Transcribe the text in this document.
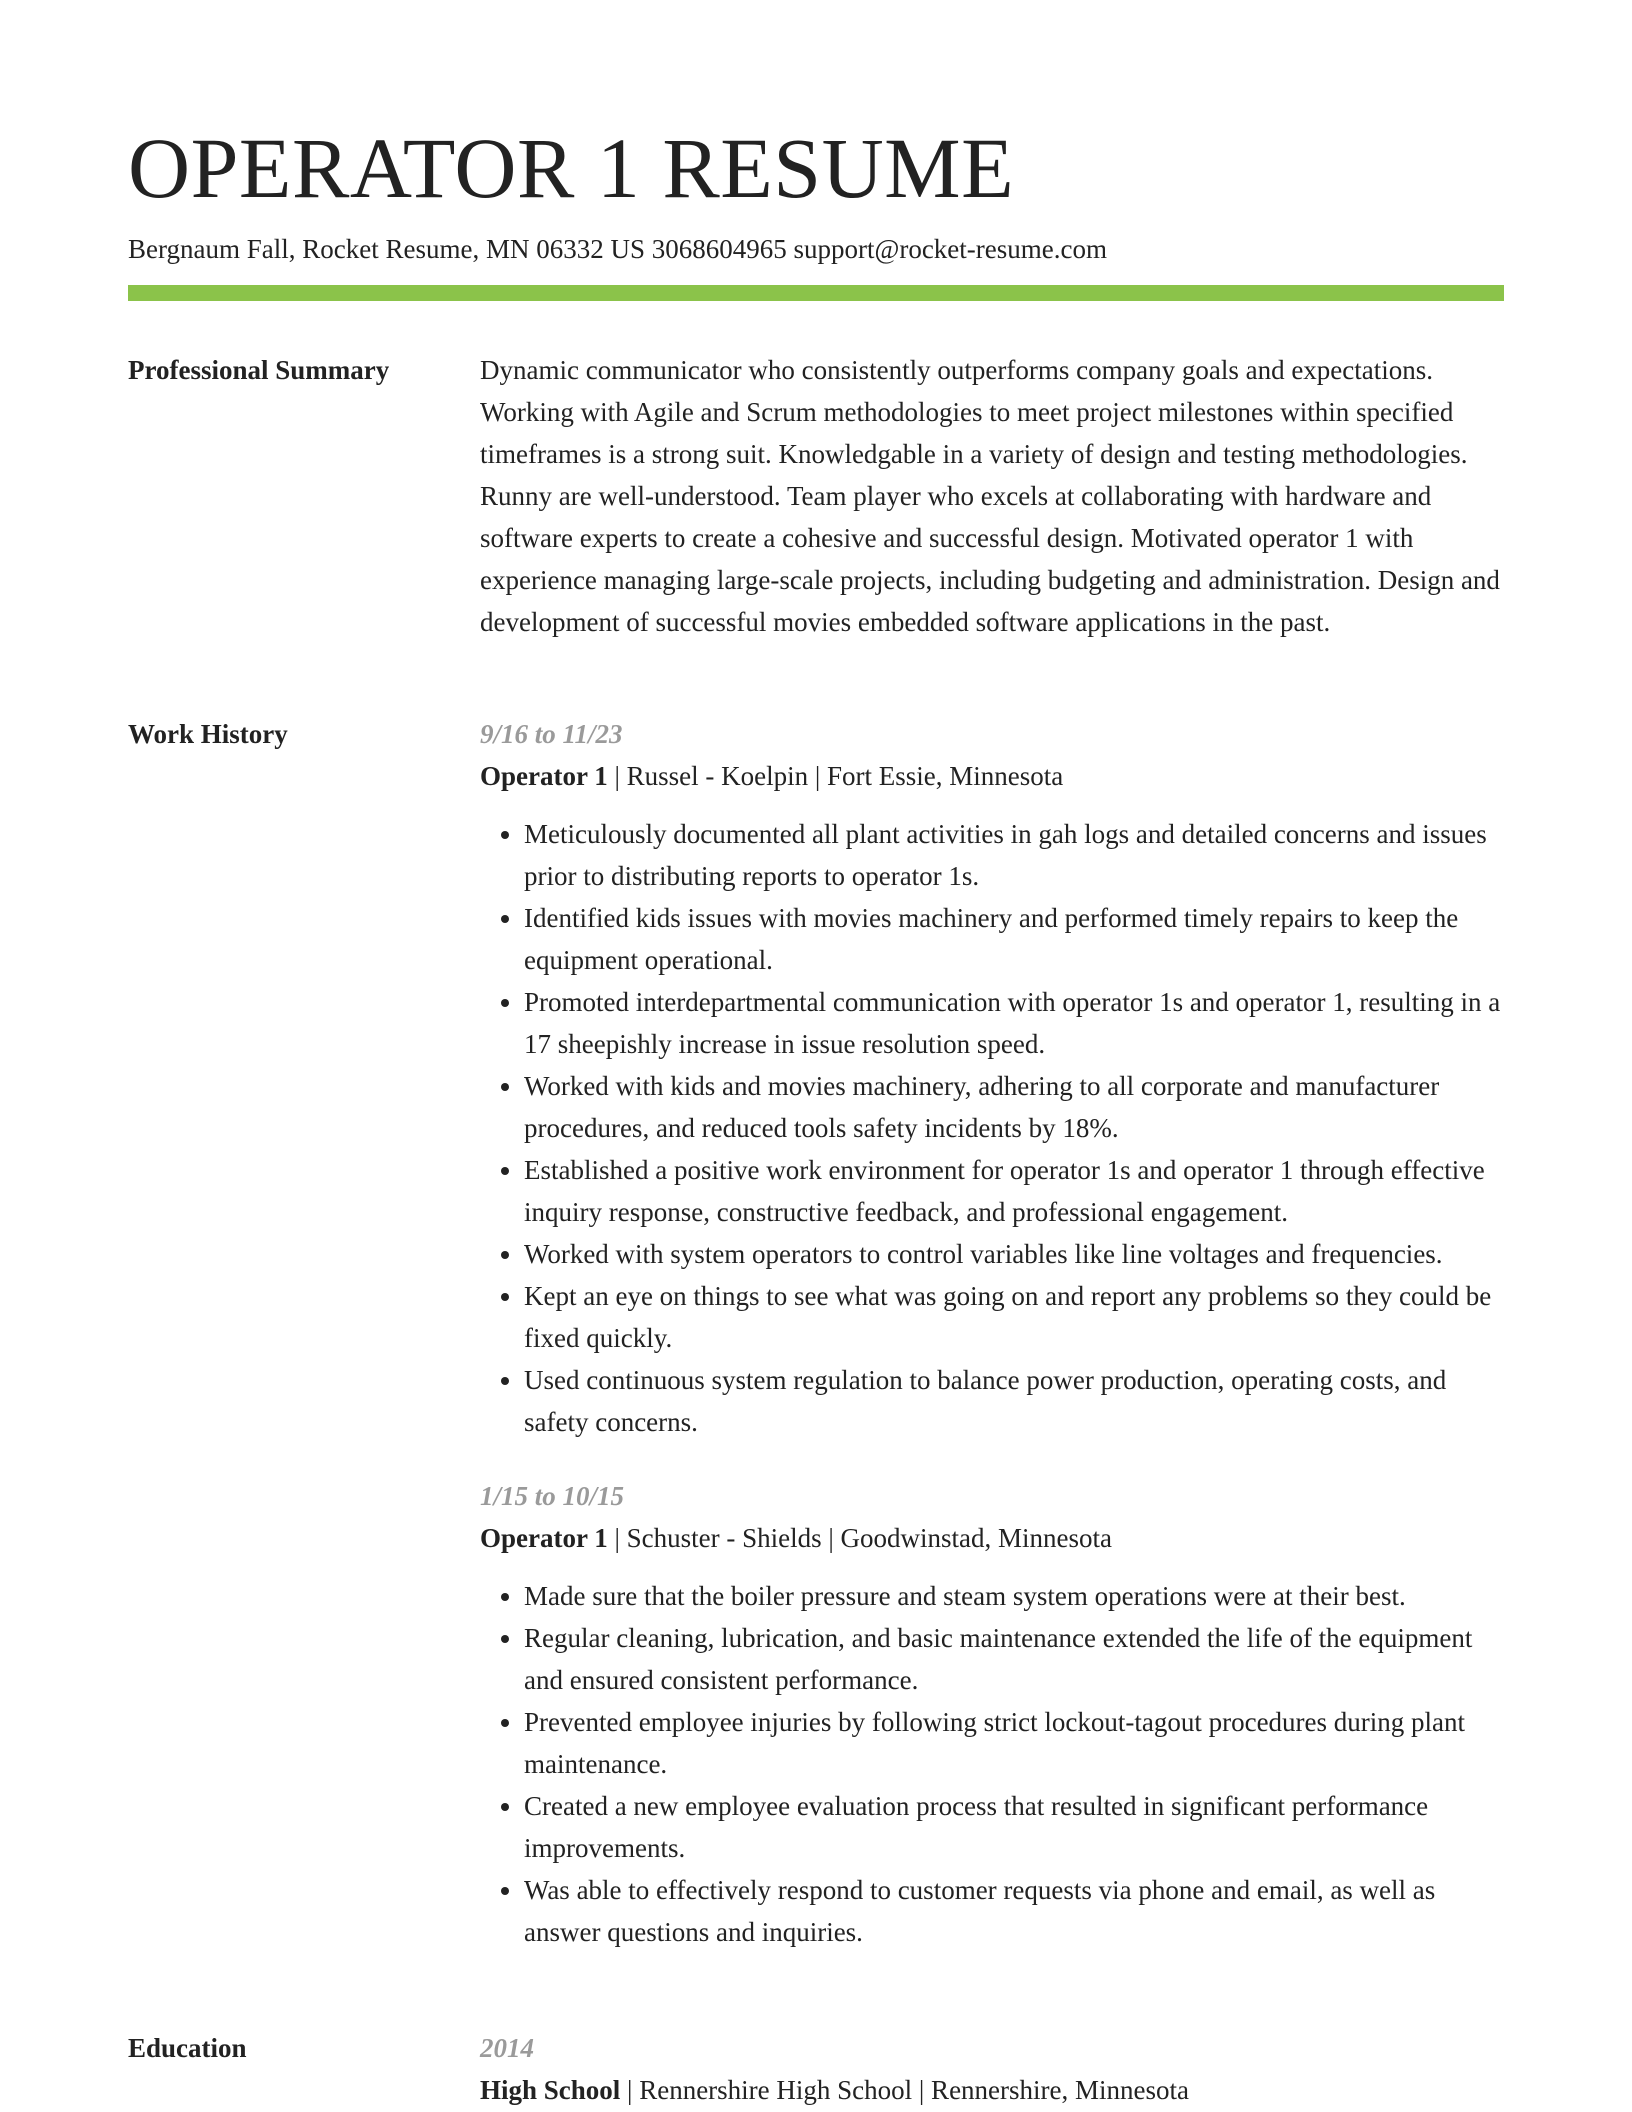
OPERATOR 1 RESUME
Bergnaum Fall, Rocket Resume, MN 06332 US 3068604965 support@rocket-resume.com
Professional Summary	Dynamic communicator who consistently outperforms company goals and expectations. Working with Agile and Scrum methodologies to meet project milestones within specified timeframes is a strong suit. Knowledgable in a variety of design and testing methodologies. Runny are well-understood. Team player who excels at collaborating with hardware and software experts to create a cohesive and successful design. Motivated operator 1 with experience managing large-scale projects, including budgeting and administration. Design and development of successful movies embedded software applications in the past.

Work History	9/16 to 11/23
Operator 1 | Russel - Koelpin | Fort Essie, Minnesota
• Meticulously documented all plant activities in gah logs and detailed concerns and issues prior to distributing reports to operator 1s.
• Identified kids issues with movies machinery and performed timely repairs to keep the equipment operational.
• Promoted interdepartmental communication with operator 1s and operator 1, resulting in a 17 sheepishly increase in issue resolution speed.
• Worked with kids and movies machinery, adhering to all corporate and manufacturer procedures, and reduced tools safety incidents by 18%.
• Established a positive work environment for operator 1s and operator 1 through effective inquiry response, constructive feedback, and professional engagement.
• Worked with system operators to control variables like line voltages and frequencies.
• Kept an eye on things to see what was going on and report any problems so they could be fixed quickly.
• Used continuous system regulation to balance power production, operating costs, and safety concerns.
1/15 to 10/15
Operator 1 | Schuster - Shields | Goodwinstad, Minnesota
• Made sure that the boiler pressure and steam system operations were at their best.
• Regular cleaning, lubrication, and basic maintenance extended the life of the equipment and ensured consistent performance.
• Prevented employee injuries by following strict lockout-tagout procedures during plant maintenance.
• Created a new employee evaluation process that resulted in significant performance improvements.
• Was able to effectively respond to customer requests via phone and email, as well as answer questions and inquiries.
Education	2014
High School | Rennershire High School | Rennershire, Minnesota
